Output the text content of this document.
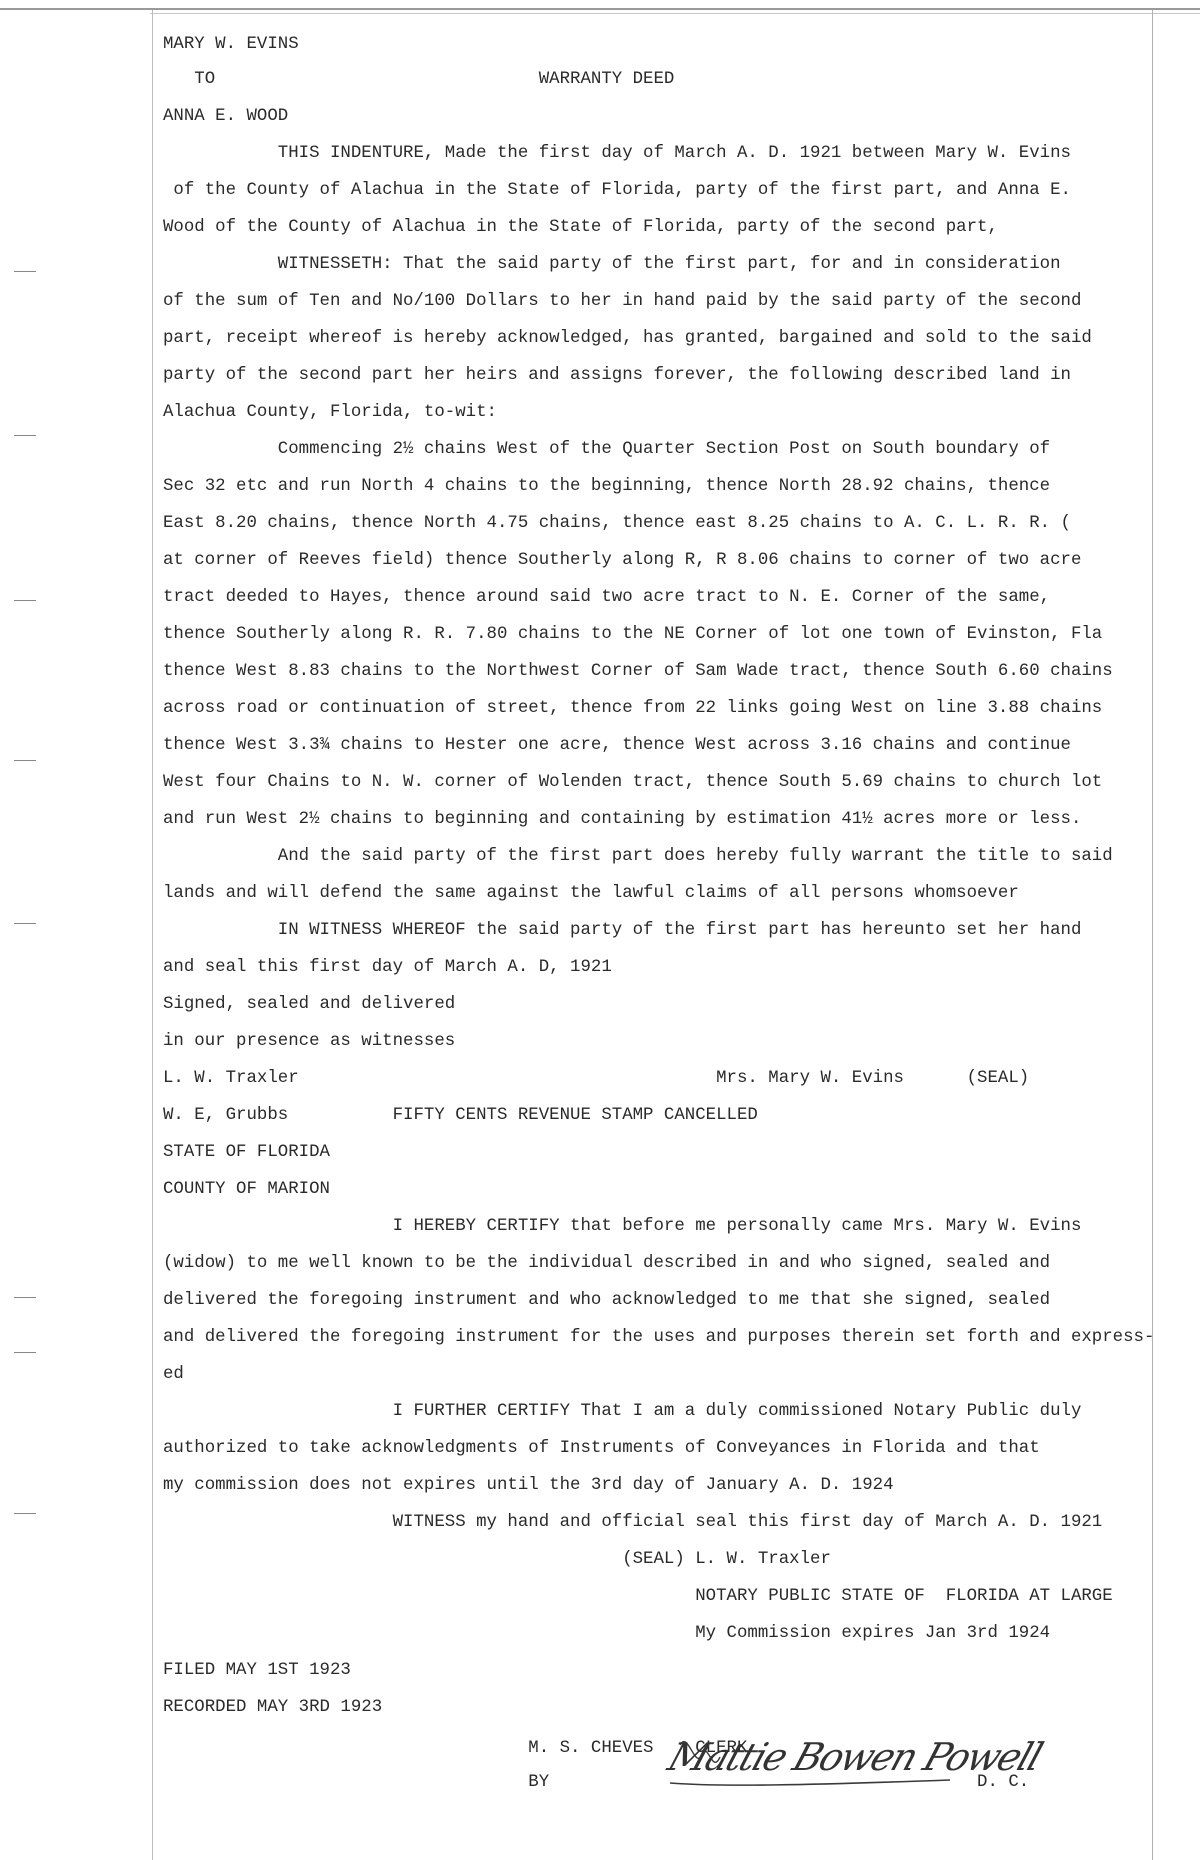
MARY W. EVINS
TO                               WARRANTY DEED
ANNA E. WOOD
THIS INDENTURE, Made the first day of March A. D. 1921 between Mary W. Evins
of the County of Alachua in the State of Florida, party of the first part, and Anna E.
Wood of the County of Alachua in the State of Florida, party of the second part,
WITNESSETH: That the said party of the first part, for and in consideration
of the sum of Ten and No/100 Dollars to her in hand paid by the said party of the second
part, receipt whereof is hereby acknowledged, has granted, bargained and sold to the said
party of the second part her heirs and assigns forever, the following described land in
Alachua County, Florida, to-wit:
Commencing 2½ chains West of the Quarter Section Post on South boundary of
Sec 32 etc and run North 4 chains to the beginning, thence North 28.92 chains, thence
East 8.20 chains, thence North 4.75 chains, thence east 8.25 chains to A. C. L. R. R. (
at corner of Reeves field) thence Southerly along R, R 8.06 chains to corner of two acre
tract deeded to Hayes, thence around said two acre tract to N. E. Corner of the same,
thence Southerly along R. R. 7.80 chains to the NE Corner of lot one town of Evinston, Fla
thence West 8.83 chains to the Northwest Corner of Sam Wade tract, thence South 6.60 chains
across road or continuation of street, thence from 22 links going West on line 3.88 chains
thence West 3.3¾ chains to Hester one acre, thence West across 3.16 chains and continue
West four Chains to N. W. corner of Wolenden tract, thence South 5.69 chains to church lot
and run West 2½ chains to beginning and containing by estimation 41½ acres more or less.
And the said party of the first part does hereby fully warrant the title to said
lands and will defend the same against the lawful claims of all persons whomsoever
IN WITNESS WHEREOF the said party of the first part has hereunto set her hand
and seal this first day of March A. D, 1921
Signed, sealed and delivered
in our presence as witnesses
L. W. Traxler                                        Mrs. Mary W. Evins      (SEAL)
W. E, Grubbs          FIFTY CENTS REVENUE STAMP CANCELLED
STATE OF FLORIDA
COUNTY OF MARION
I HEREBY CERTIFY that before me personally came Mrs. Mary W. Evins
(widow) to me well known to be the individual described in and who signed, sealed and
delivered the foregoing instrument and who acknowledged to me that she signed, sealed
and delivered the foregoing instrument for the uses and purposes therein set forth and express-
ed
I FURTHER CERTIFY That I am a duly commissioned Notary Public duly
authorized to take acknowledgments of Instruments of Conveyances in Florida and that
my commission does not expires until the 3rd day of January A. D. 1924
WITNESS my hand and official seal this first day of March A. D. 1921
(SEAL) L. W. Traxler
NOTARY PUBLIC STATE OF  FLORIDA AT LARGE
My Commission expires Jan 3rd 1924
FILED MAY 1ST 1923
RECORDED MAY 3RD 1923
M. S. CHEVES    CLERK
BY                                         D. C.
Mattie Bowen Powell
